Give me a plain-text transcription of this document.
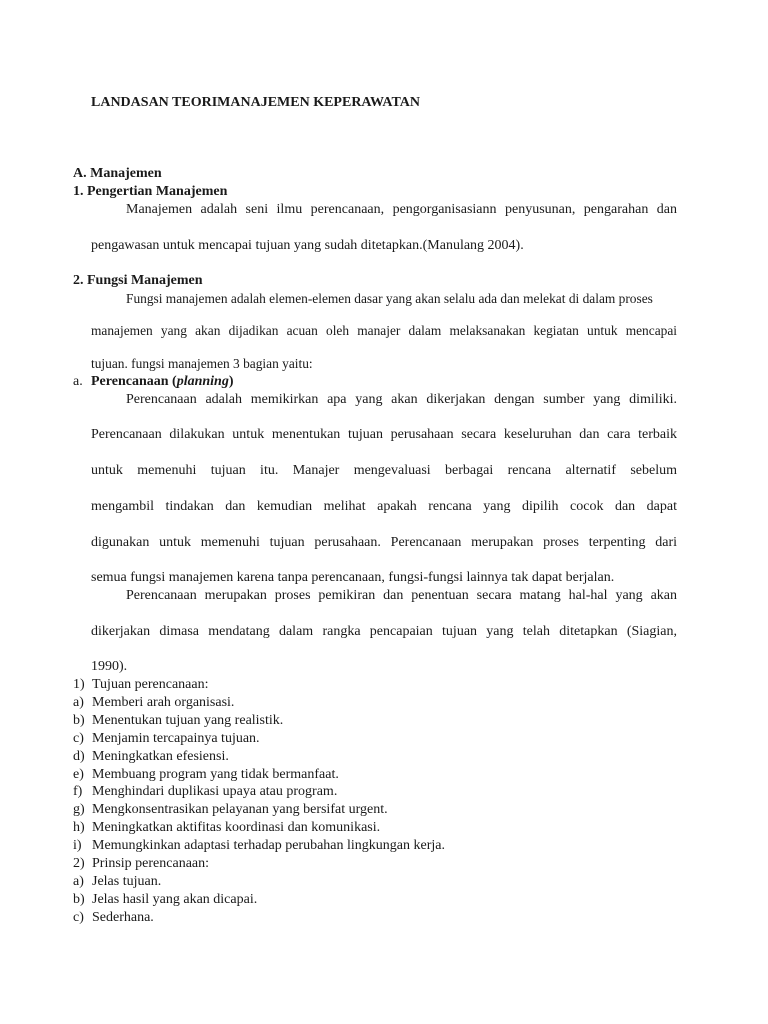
LANDASAN TEORIMANAJEMEN KEPERAWATAN
A. Manajemen
1. Pengertian Manajemen
Manajemen adalah seni ilmu perencanaan, pengorganisasiann penyusunan, pengarahan dan
pengawasan untuk mencapai tujuan yang sudah ditetapkan.(Manulang 2004).
2. Fungsi Manajemen
Fungsi manajemen adalah elemen-elemen dasar yang akan selalu ada dan melekat di dalam proses
manajemen yang akan dijadikan acuan oleh manajer dalam melaksanakan kegiatan untuk mencapai
tujuan. fungsi manajemen 3 bagian yaitu:
a. Perencanaan (planning)
Perencanaan adalah memikirkan apa yang akan dikerjakan dengan sumber yang dimiliki.
Perencanaan dilakukan untuk menentukan tujuan perusahaan secara keseluruhan dan cara terbaik
untuk memenuhi tujuan itu. Manajer mengevaluasi berbagai rencana alternatif sebelum
mengambil tindakan dan kemudian melihat apakah rencana yang dipilih cocok dan dapat
digunakan untuk memenuhi tujuan perusahaan. Perencanaan merupakan proses terpenting dari
semua fungsi manajemen karena tanpa perencanaan, fungsi-fungsi lainnya tak dapat berjalan.
Perencanaan merupakan proses pemikiran dan penentuan secara matang hal-hal yang akan
dikerjakan dimasa mendatang dalam rangka pencapaian tujuan yang telah ditetapkan (Siagian,
1990).
1) Tujuan perencanaan:
a) Memberi arah organisasi.
b) Menentukan tujuan yang realistik.
c) Menjamin tercapainya tujuan.
d) Meningkatkan efesiensi.
e) Membuang program yang tidak bermanfaat.
f) Menghindari duplikasi upaya atau program.
g) Mengkonsentrasikan pelayanan yang bersifat urgent.
h) Meningkatkan aktifitas koordinasi dan komunikasi.
i) Memungkinkan adaptasi terhadap perubahan lingkungan kerja.
2) Prinsip perencanaan:
a) Jelas tujuan.
b) Jelas hasil yang akan dicapai.
c) Sederhana.
